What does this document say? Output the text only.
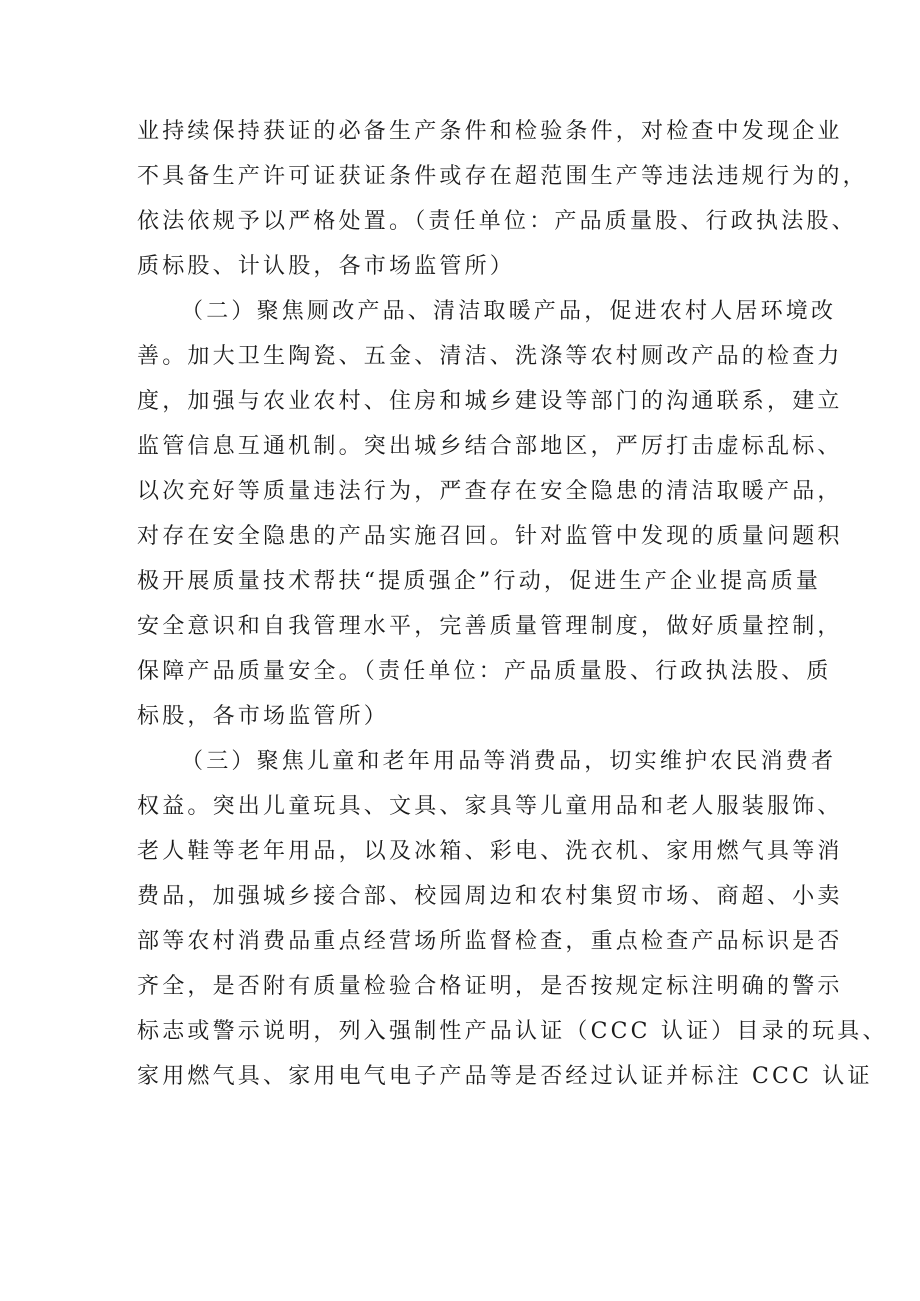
业持续保持获证的必备生产条件和检验条件，对检查中发现企业
不具备生产许可证获证条件或存在超范围生产等违法违规行为的，
依法依规予以严格处置。（责任单位：产品质量股、行政执法股、
质标股、计认股，各市场监管所）
（二）聚焦厕改产品、清洁取暖产品，促进农村人居环境改
善。加大卫生陶瓷、五金、清洁、洗涤等农村厕改产品的检查力
度，加强与农业农村、住房和城乡建设等部门的沟通联系，建立
监管信息互通机制。突出城乡结合部地区，严厉打击虚标乱标、
以次充好等质量违法行为，严查存在安全隐患的清洁取暖产品，
对存在安全隐患的产品实施召回。针对监管中发现的质量问题积
极开展质量技术帮扶“提质强企”行动，促进生产企业提高质量
安全意识和自我管理水平，完善质量管理制度，做好质量控制，
保障产品质量安全。（责任单位：产品质量股、行政执法股、质
标股，各市场监管所）
（三）聚焦儿童和老年用品等消费品，切实维护农民消费者
权益。突出儿童玩具、文具、家具等儿童用品和老人服装服饰、
老人鞋等老年用品，以及冰箱、彩电、洗衣机、家用燃气具等消
费品，加强城乡接合部、校园周边和农村集贸市场、商超、小卖
部等农村消费品重点经营场所监督检查，重点检查产品标识是否
齐全，是否附有质量检验合格证明，是否按规定标注明确的警示
标志或警示说明，列入强制性产品认证（CCC 认证）目录的玩具、
家用燃气具、家用电气电子产品等是否经过认证并标注 CCC 认证
